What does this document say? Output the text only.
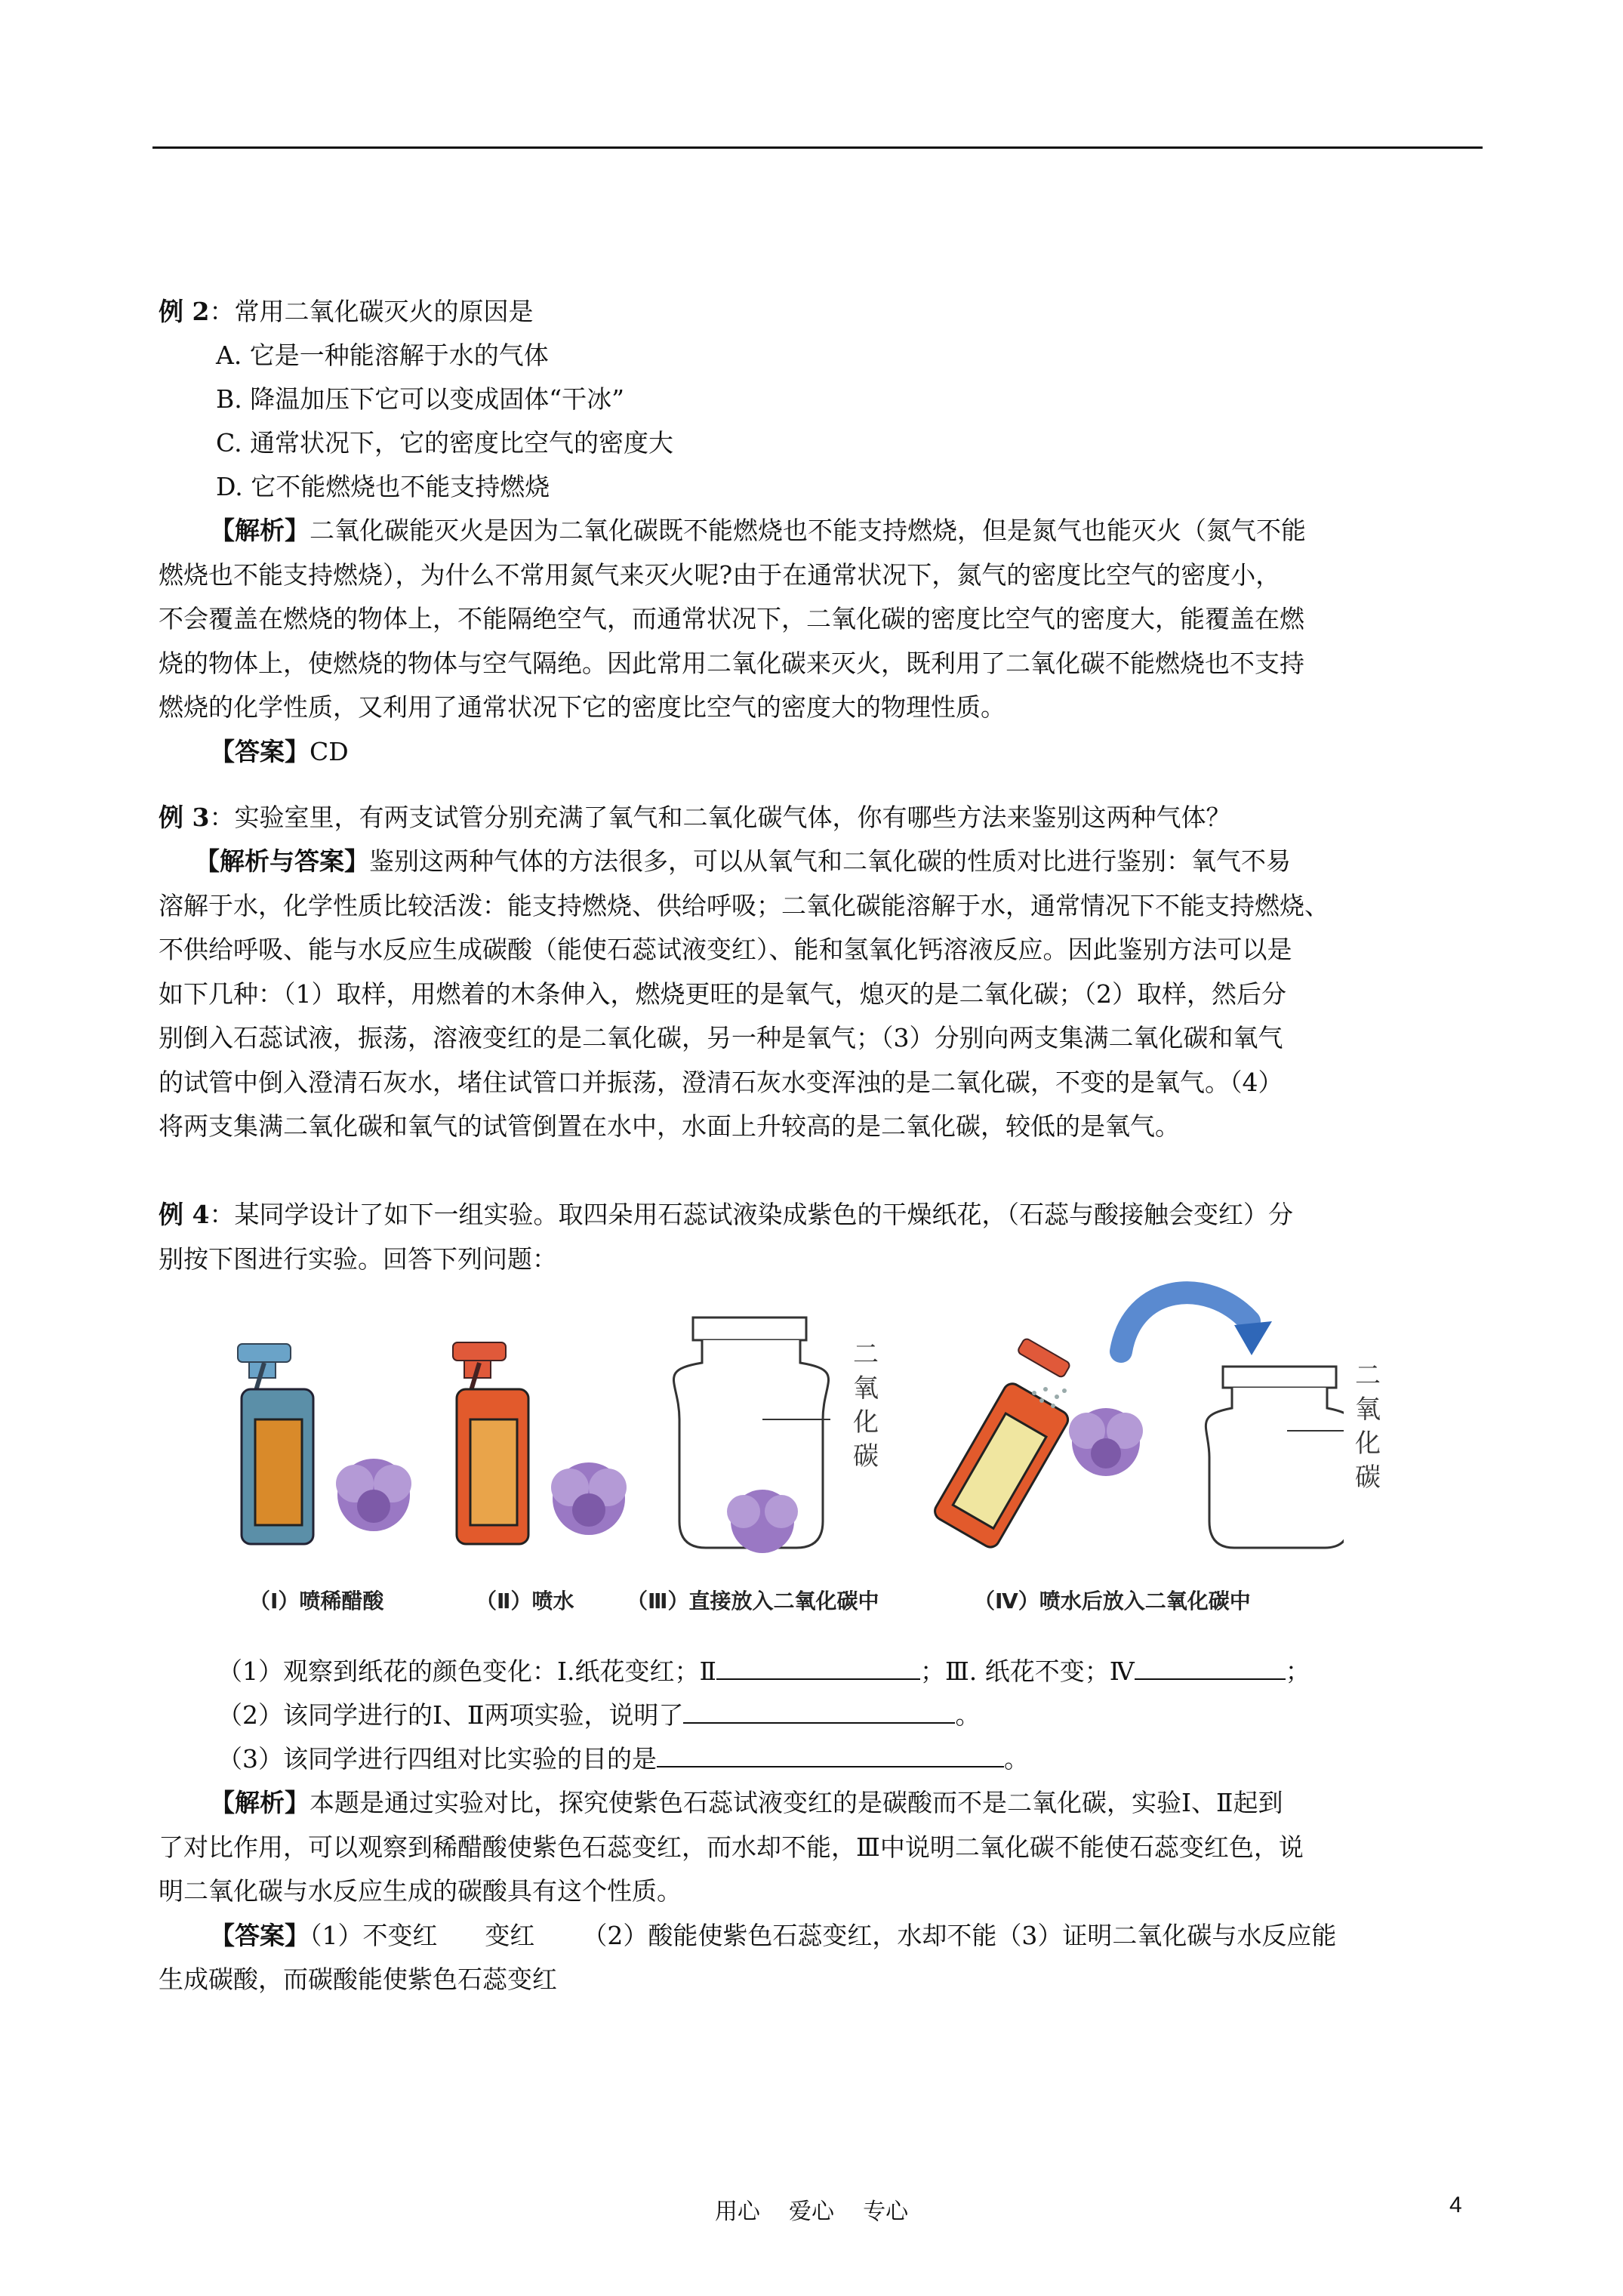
例 2：常用二氧化碳灭火的原因是
A. 它是一种能溶解于水的气体
B. 降温加压下它可以变成固体“干冰”
C. 通常状况下，它的密度比空气的密度大
D. 它不能燃烧也不能支持燃烧
【解析】二氧化碳能灭火是因为二氧化碳既不能燃烧也不能支持燃烧，但是氮气也能灭火（氮气不能
燃烧也不能支持燃烧），为什么不常用氮气来灭火呢?由于在通常状况下，氮气的密度比空气的密度小，
不会覆盖在燃烧的物体上，不能隔绝空气，而通常状况下，二氧化碳的密度比空气的密度大，能覆盖在燃
烧的物体上，使燃烧的物体与空气隔绝。因此常用二氧化碳来灭火，既利用了二氧化碳不能燃烧也不支持
燃烧的化学性质，又利用了通常状况下它的密度比空气的密度大的物理性质。
【答案】CD
例 3：实验室里，有两支试管分别充满了氧气和二氧化碳气体，你有哪些方法来鉴别这两种气体？
【解析与答案】鉴别这两种气体的方法很多，可以从氧气和二氧化碳的性质对比进行鉴别：氧气不易
溶解于水，化学性质比较活泼：能支持燃烧、供给呼吸；二氧化碳能溶解于水，通常情况下不能支持燃烧、
不供给呼吸、能与水反应生成碳酸（能使石蕊试液变红）、能和氢氧化钙溶液反应。因此鉴别方法可以是
如下几种：（1）取样，用燃着的木条伸入，燃烧更旺的是氧气，熄灭的是二氧化碳；（2）取样，然后分
别倒入石蕊试液，振荡，溶液变红的是二氧化碳，另一种是氧气；（3）分别向两支集满二氧化碳和氧气
的试管中倒入澄清石灰水，堵住试管口并振荡，澄清石灰水变浑浊的是二氧化碳，不变的是氧气。（4）
将两支集满二氧化碳和氧气的试管倒置在水中，水面上升较高的是二氧化碳，较低的是氧气。
例 4：某同学设计了如下一组实验。取四朵用石蕊试液染成紫色的干燥纸花，（石蕊与酸接触会变红）分
别按下图进行实验。回答下列问题：
二
氧
化
碳
（Ⅰ）喷稀醋酸	（Ⅱ）喷水 （Ⅲ）直接放入二氧化碳中	（Ⅳ）喷水后放入二氧化碳中
二
氧
化
碳
（1）观察到纸花的颜色变化：Ⅰ.纸花变红；Ⅱ	；Ⅲ. 纸花不变；Ⅳ	；
（2）该同学进行的Ⅰ、Ⅱ两项实验，说明了	。
（3）该同学进行四组对比实验的目的是	。
【解析】本题是通过实验对比，探究使紫色石蕊试液变红的是碳酸而不是二氧化碳，实验Ⅰ、Ⅱ起到
了对比作用，可以观察到稀醋酸使紫色石蕊变红，而水却不能，Ⅲ中说明二氧化碳不能使石蕊变红色，说
明二氧化碳与水反应生成的碳酸具有这个性质。
【答案】（1）不变红      变红      （2）酸能使紫色石蕊变红，水却不能（3）证明二氧化碳与水反应能
生成碳酸，而碳酸能使紫色石蕊变红
用心    爱心    专心	4
